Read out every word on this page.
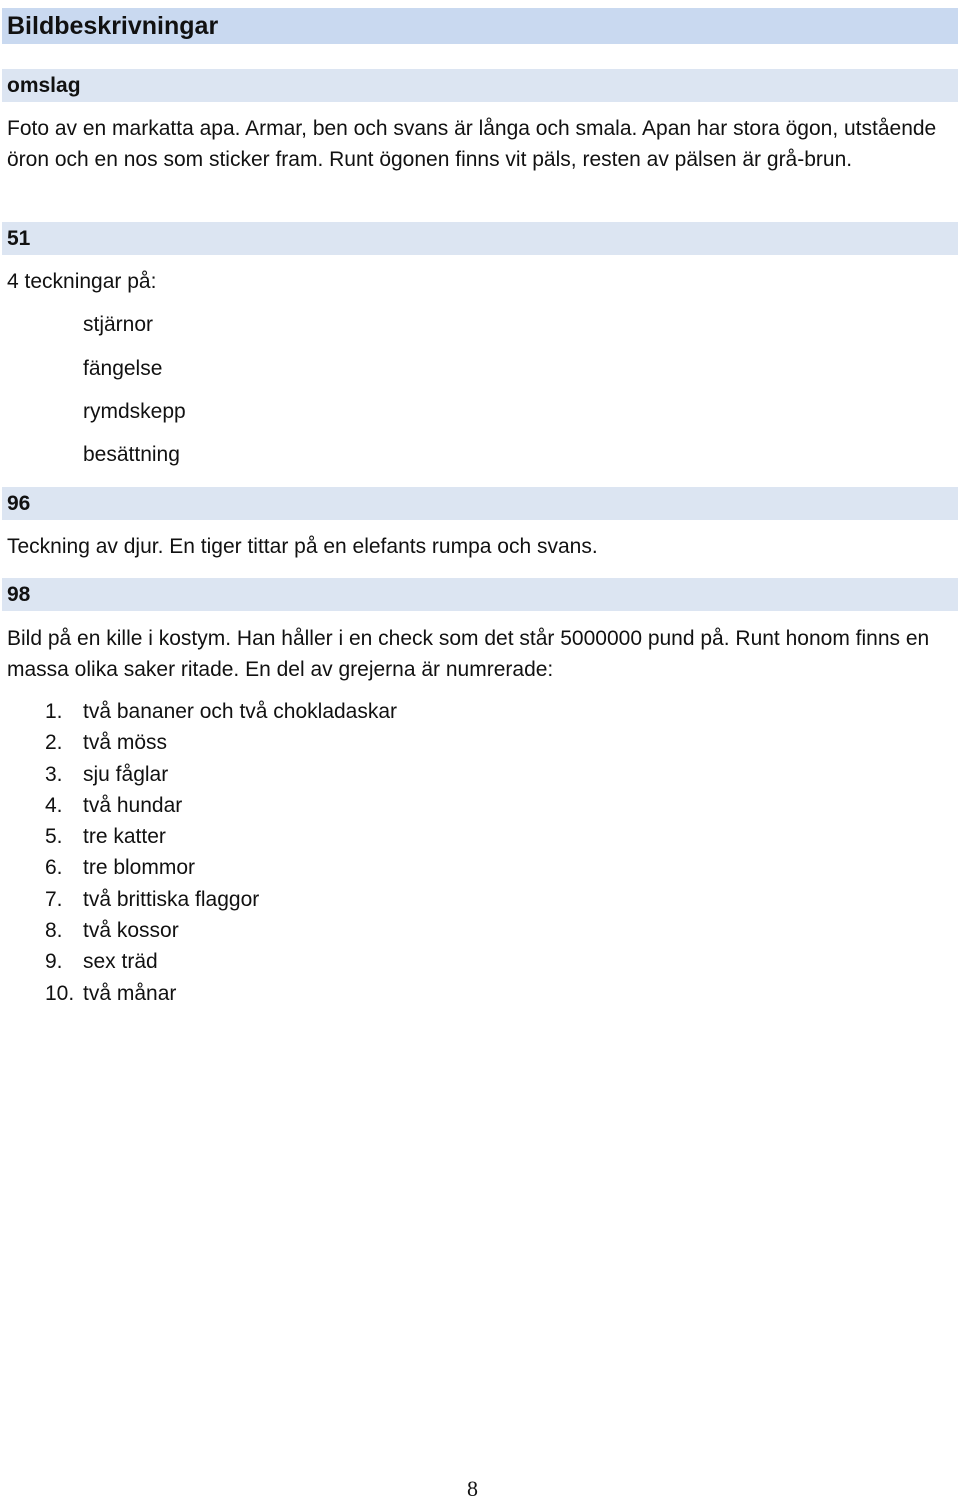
Bildbeskrivningar
omslag

Foto av en markatta apa. Armar, ben och svans är långa och smala. Apan har stora ögon, utstående öron och en nos som sticker fram. Runt ögonen finns vit päls, resten av pälsen är grå-brun.

51

4 teckningar på:

stjärnor
fängelse
rymdskepp
besättning
96

Teckning av djur. En tiger tittar på en elefants rumpa och svans.

98

Bild på en kille i kostym. Han håller i en check som det står 5000000 pund på. Runt honom finns en massa olika saker ritade. En del av grejerna är numrerade:

1. två bananer och två chokladaskar
2. två möss
3. sju fåglar
4. två hundar
5. tre katter
6. tre blommor
7. två brittiska flaggor
8. två kossor
9. sex träd
10. två månar
8
